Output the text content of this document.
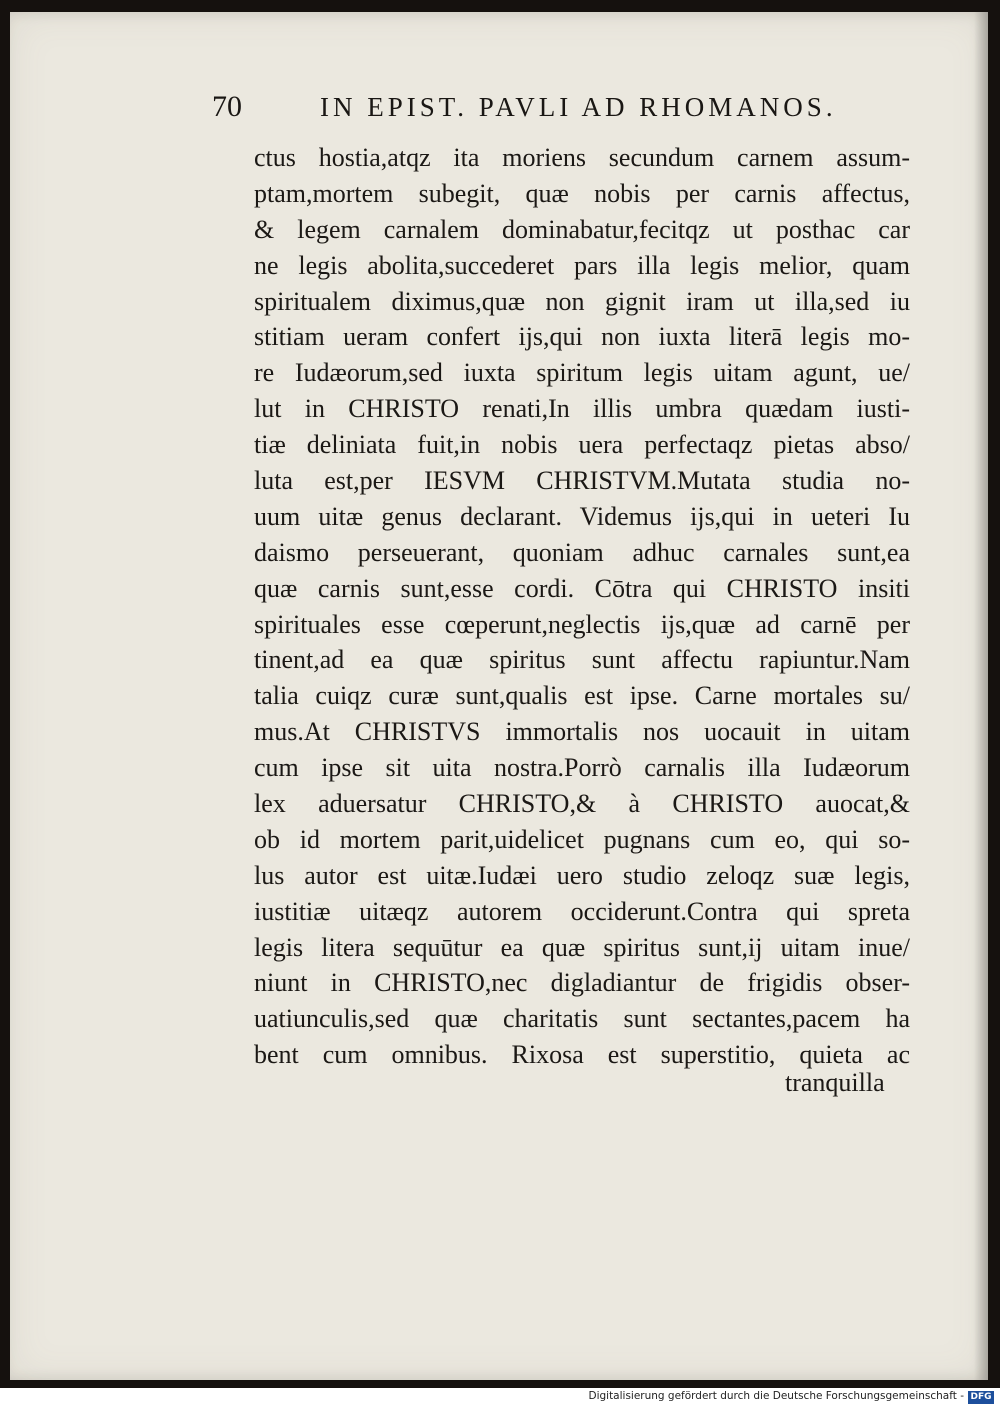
70	IN EPIST. PAVLI AD RHOMANOS.
ctus hostia,atqz ita moriens secundum carnem assum-
ptam,mortem subegit, quæ nobis per carnis affectus,
& legem carnalem dominabatur,fecitqz ut posthac car
ne legis abolita,succederet pars illa legis melior, quam
spiritualem diximus,quæ non gignit iram ut illa,sed iu
stitiam ueram confert ijs,qui non iuxta literā legis mo-
re Iudæorum,sed iuxta spiritum legis uitam agunt, ue/
lut in CHRISTO renati,In illis umbra quædam iusti-
tiæ deliniata fuit,in nobis uera perfectaqz pietas abso/
luta est,per IESVM CHRISTVM.Mutata studia no-
uum uitæ genus declarant. Videmus ijs,qui in ueteri Iu
daismo perseuerant, quoniam adhuc carnales sunt,ea
quæ carnis sunt,esse cordi. Cōtra qui CHRISTO insiti
spirituales esse cœperunt,neglectis ijs,quæ ad carnē per
tinent,ad ea quæ spiritus sunt affectu rapiuntur.Nam
talia cuiqz curæ sunt,qualis est ipse. Carne mortales su/
mus.At CHRISTVS immortalis nos uocauit in uitam
cum ipse sit uita nostra.Porrò carnalis illa Iudæorum
lex aduersatur CHRISTO,& à CHRISTO auocat,&
ob id mortem parit,uidelicet pugnans cum eo, qui so-
lus autor est uitæ.Iudæi uero studio zeloqz suæ legis,
iustitiæ uitæqz autorem occiderunt.Contra qui spreta
legis litera sequūtur ea quæ spiritus sunt,ij uitam inue/
niunt in CHRISTO,nec digladiantur de frigidis obser-
uatiunculis,sed quæ charitatis sunt sectantes,pacem ha
bent cum omnibus. Rixosa est superstitio, quieta ac
tranquilla
Digitalisierung gefördert durch die Deutsche Forschungsgemeinschaft - DFG
